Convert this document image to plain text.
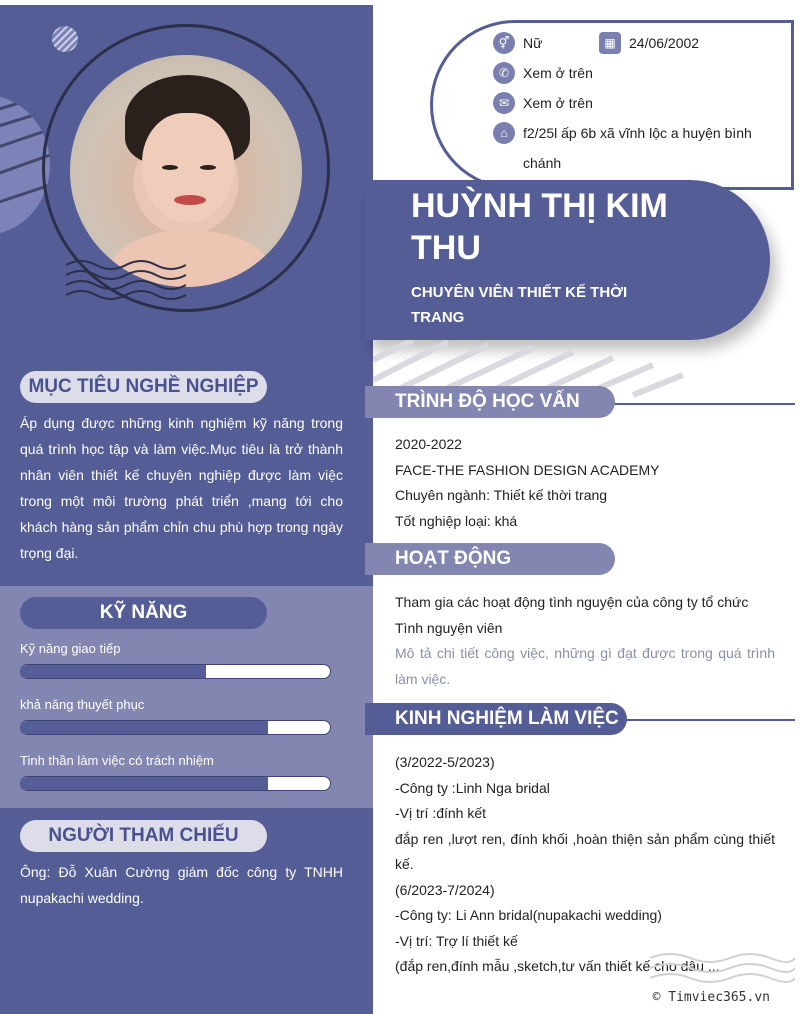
MỤC TIÊU NGHỀ NGHIỆP
Áp dụng được những kinh nghiệm kỹ năng trong quá trình học tập và làm việc.Mục tiêu là trở thành nhân viên thiết kế chuyên nghiệp được làm việc trong một môi trường phát triển ,mang tới cho khách hàng sản phẩm chỉn chu phù hợp trong ngày trọng đại.
KỸ NĂNG
Kỹ năng giao tiếp
khả năng thuyết phục
Tinh thần làm việc có trách nhiệm
NGƯỜI THAM CHIẾU
Ông: Đỗ Xuân Cường giám đốc công ty TNHH nupakachi wedding.
⚥ Nữ	▦ 24/06/2002
✆ Xem ở trên
✉ Xem ở trên
⌂	f2/25l ấp 6b xã vĩnh lộc a huyện bình chánh
HUỲNH THỊ KIM THU
CHUYÊN VIÊN THIẾT KẾ THỜI TRANG
TRÌNH ĐỘ HỌC VẤN
2020-2022
FACE-THE FASHION DESIGN ACADEMY
Chuyên ngành: Thiết kế thời trang
Tốt nghiệp loại: khá
HOẠT ĐỘNG
Tham gia các hoạt động tình nguyện của công ty tổ chức
Tình nguyện viên
Mô tả chi tiết công việc, những gì đạt được trong quá trình làm việc.
KINH NGHIỆM LÀM VIỆC
(3/2022-5/2023)
-Công ty :Linh Nga bridal
-Vị trí :đính kết
đắp ren ,lượt ren, đính khối ,hoàn thiện sản phẩm cùng thiết kế.
(6/2023-7/2024)
-Công ty: Li Ann bridal(nupakachi wedding)
-Vị trí: Trợ lí thiết kế
(đắp ren,đính mẫu ,sketch,tư vấn thiết kế cho dâu ...
© Timviec365.vn
